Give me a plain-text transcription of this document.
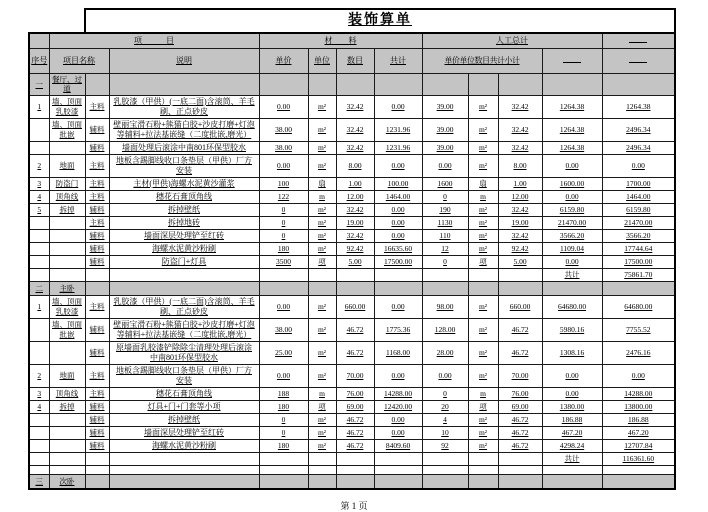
		装饰算单										
	项　　　目			材　　料				人工总计				
序号	项目名称		说明	单价	单位	数目	共计	单价单位数目共计小计				
一	餐厅、过道											
1	墙、顶面乳胶漆	主料	乳胶漆（甲供）(一底二面)含滚筒、羊毛刷、正点砂皮	0.00	m²	32.42	0.00	39.00	m²	32.42	1264.38	1264.38
	墙、顶面批嵌	辅料	壁丽宝滑石粉+熊猫白胶+沙皮打磨+灯泡等辅料+拉法基嵌缝（二度批嵌,磨光）	38.00	m²	32.42	1231.96	39.00	m²	32.42	1264.38	2496.34
		辅料	墙面处理后滚涂中南801环保型胶水	38.00	m²	32.42	1231.96	39.00	m²	32.42	1264.38	2496.34
2	地面	主料	地板含踢脚线收口条垫层（甲供）厂方安装	0.00	m²	8.00	0.00	0.00	m²	8.00	0.00	0.00
3	防盗门	主料	主材(甲供)海螺水泥黄沙灌浆	100	扇	1.00	100.00	1600	扇	1.00	1600.00	1700.00
4	顶角线	主料	穗花石膏顶角线	122	m	12.00	1464.00	0	m	12.00	0.00	1464.00
5	拆掉	辅料	拆掉壁纸	0	m²	32.42	0.00	190	m²	32.42	6159.80	6159.80
		主料	拆掉地砖	0	m²	19.00	0.00	1130	m²	19.00	21470.00	21470.00
		辅料	墙面深层处理铲至红砖	0	m²	32.42	0.00	110	m²	32.42	3566.20	3566.20
		辅料	海螺水泥黄沙粉刷	180	m²	92.42	16635.60	12	m²	92.42	1109.04	17744.64
		辅料	防盗门+灯具	3500	项	5.00	17500.00	0	项	5.00	0.00	17500.00
											共计	75861.70
二	主卧											
1	墙、顶面乳胶漆	主料	乳胶漆（甲供）(一底二面)含滚筒、羊毛刷、正点砂皮	0.00	m²	660.00	0.00	98.00	m²	660.00	64680.00	64680.00
	墙、顶面批嵌	辅料	壁丽宝滑石粉+熊猫白胶+沙皮打磨+灯泡等辅料+拉法基嵌缝（二度批嵌,磨光）	38.00	m²	46.72	1775.36	128.00	m²	46.72	5980.16	7755.52
		辅料	原墙面乳胶漆铲除除尘清理处理后滚涂中南801环保型胶水	25.00	m²	46.72	1168.00	28.00	m²	46.72	1308.16	2476.16
2	地面	主料	地板含踢脚线收口条垫层（甲供）厂方安装	0.00	m²	70.00	0.00	0.00	m²	70.00	0.00	0.00
3	顶角线	主料	穗花石膏顶角线	188	m	76.00	14288.00	0	m	76.00	0.00	14288.00
4	拆掉	辅料	灯具+门+门套等小项	180	项	69.00	12420.00	20	项	69.00	1380.00	13800.00
		辅料	拆掉壁纸	0	m²	46.72	0.00	4	m²	46.72	186.88	186.88
		辅料	墙面深层处理铲至红砖	0	m²	46.72	0.00	10	m²	46.72	467.20	467.20
		辅料	海螺水泥黄沙粉刷	180	m²	46.72	8409.60	92	m²	46.72	4298.24	12707.84
											共计	116361.60

三	次卧											
第 1 页
